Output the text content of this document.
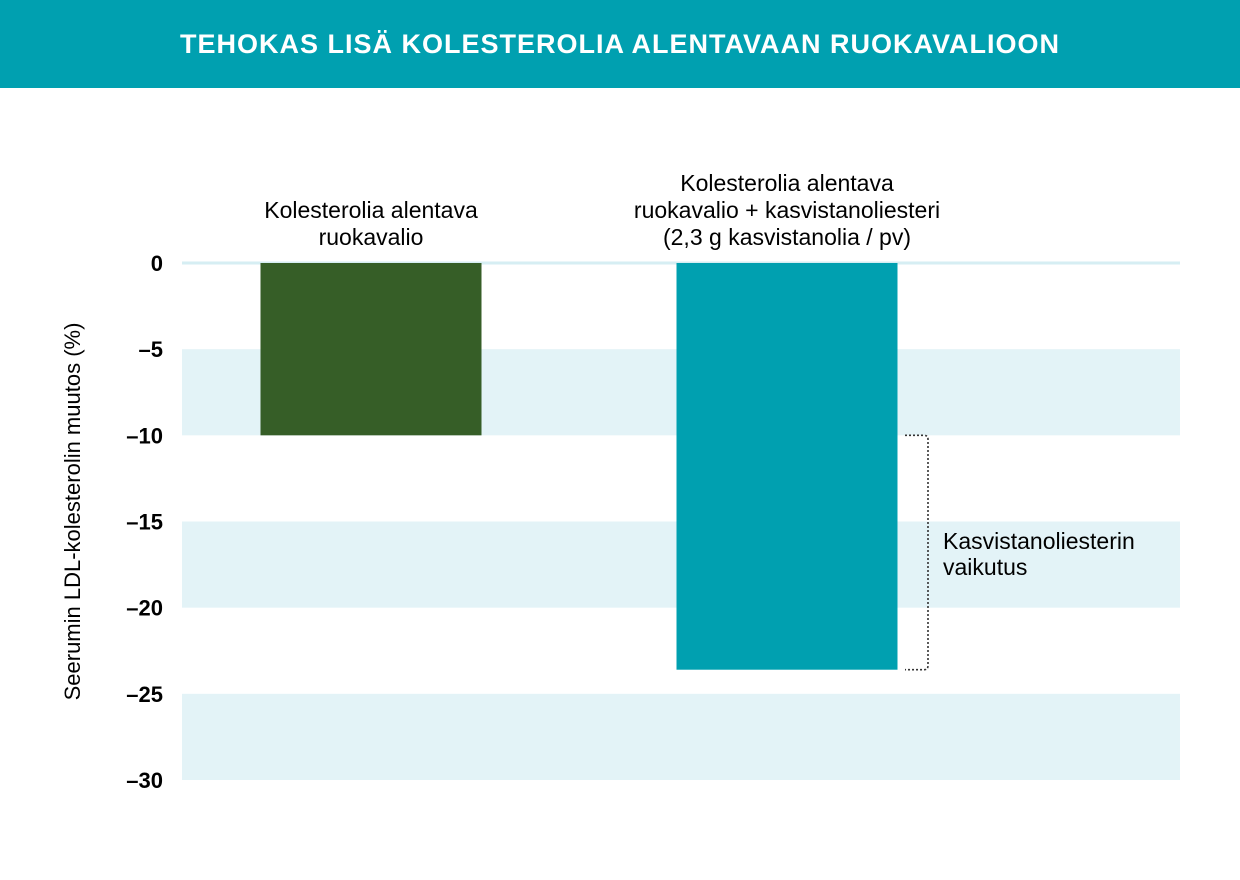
TEHOKAS LISÄ KOLESTEROLIA ALENTAVAAN RUOKAVALIOON
0
–5
–10
–15
–20
–25
–30
Seerumin LDL-kolesterolin muutos (%)
Kolesterolia alentava
ruokavalio
Kolesterolia alentava
ruokavalio + kasvistanoliesteri
(2,3 g kasvistanolia / pv)
Kasvistanoliesterin
vaikutus
